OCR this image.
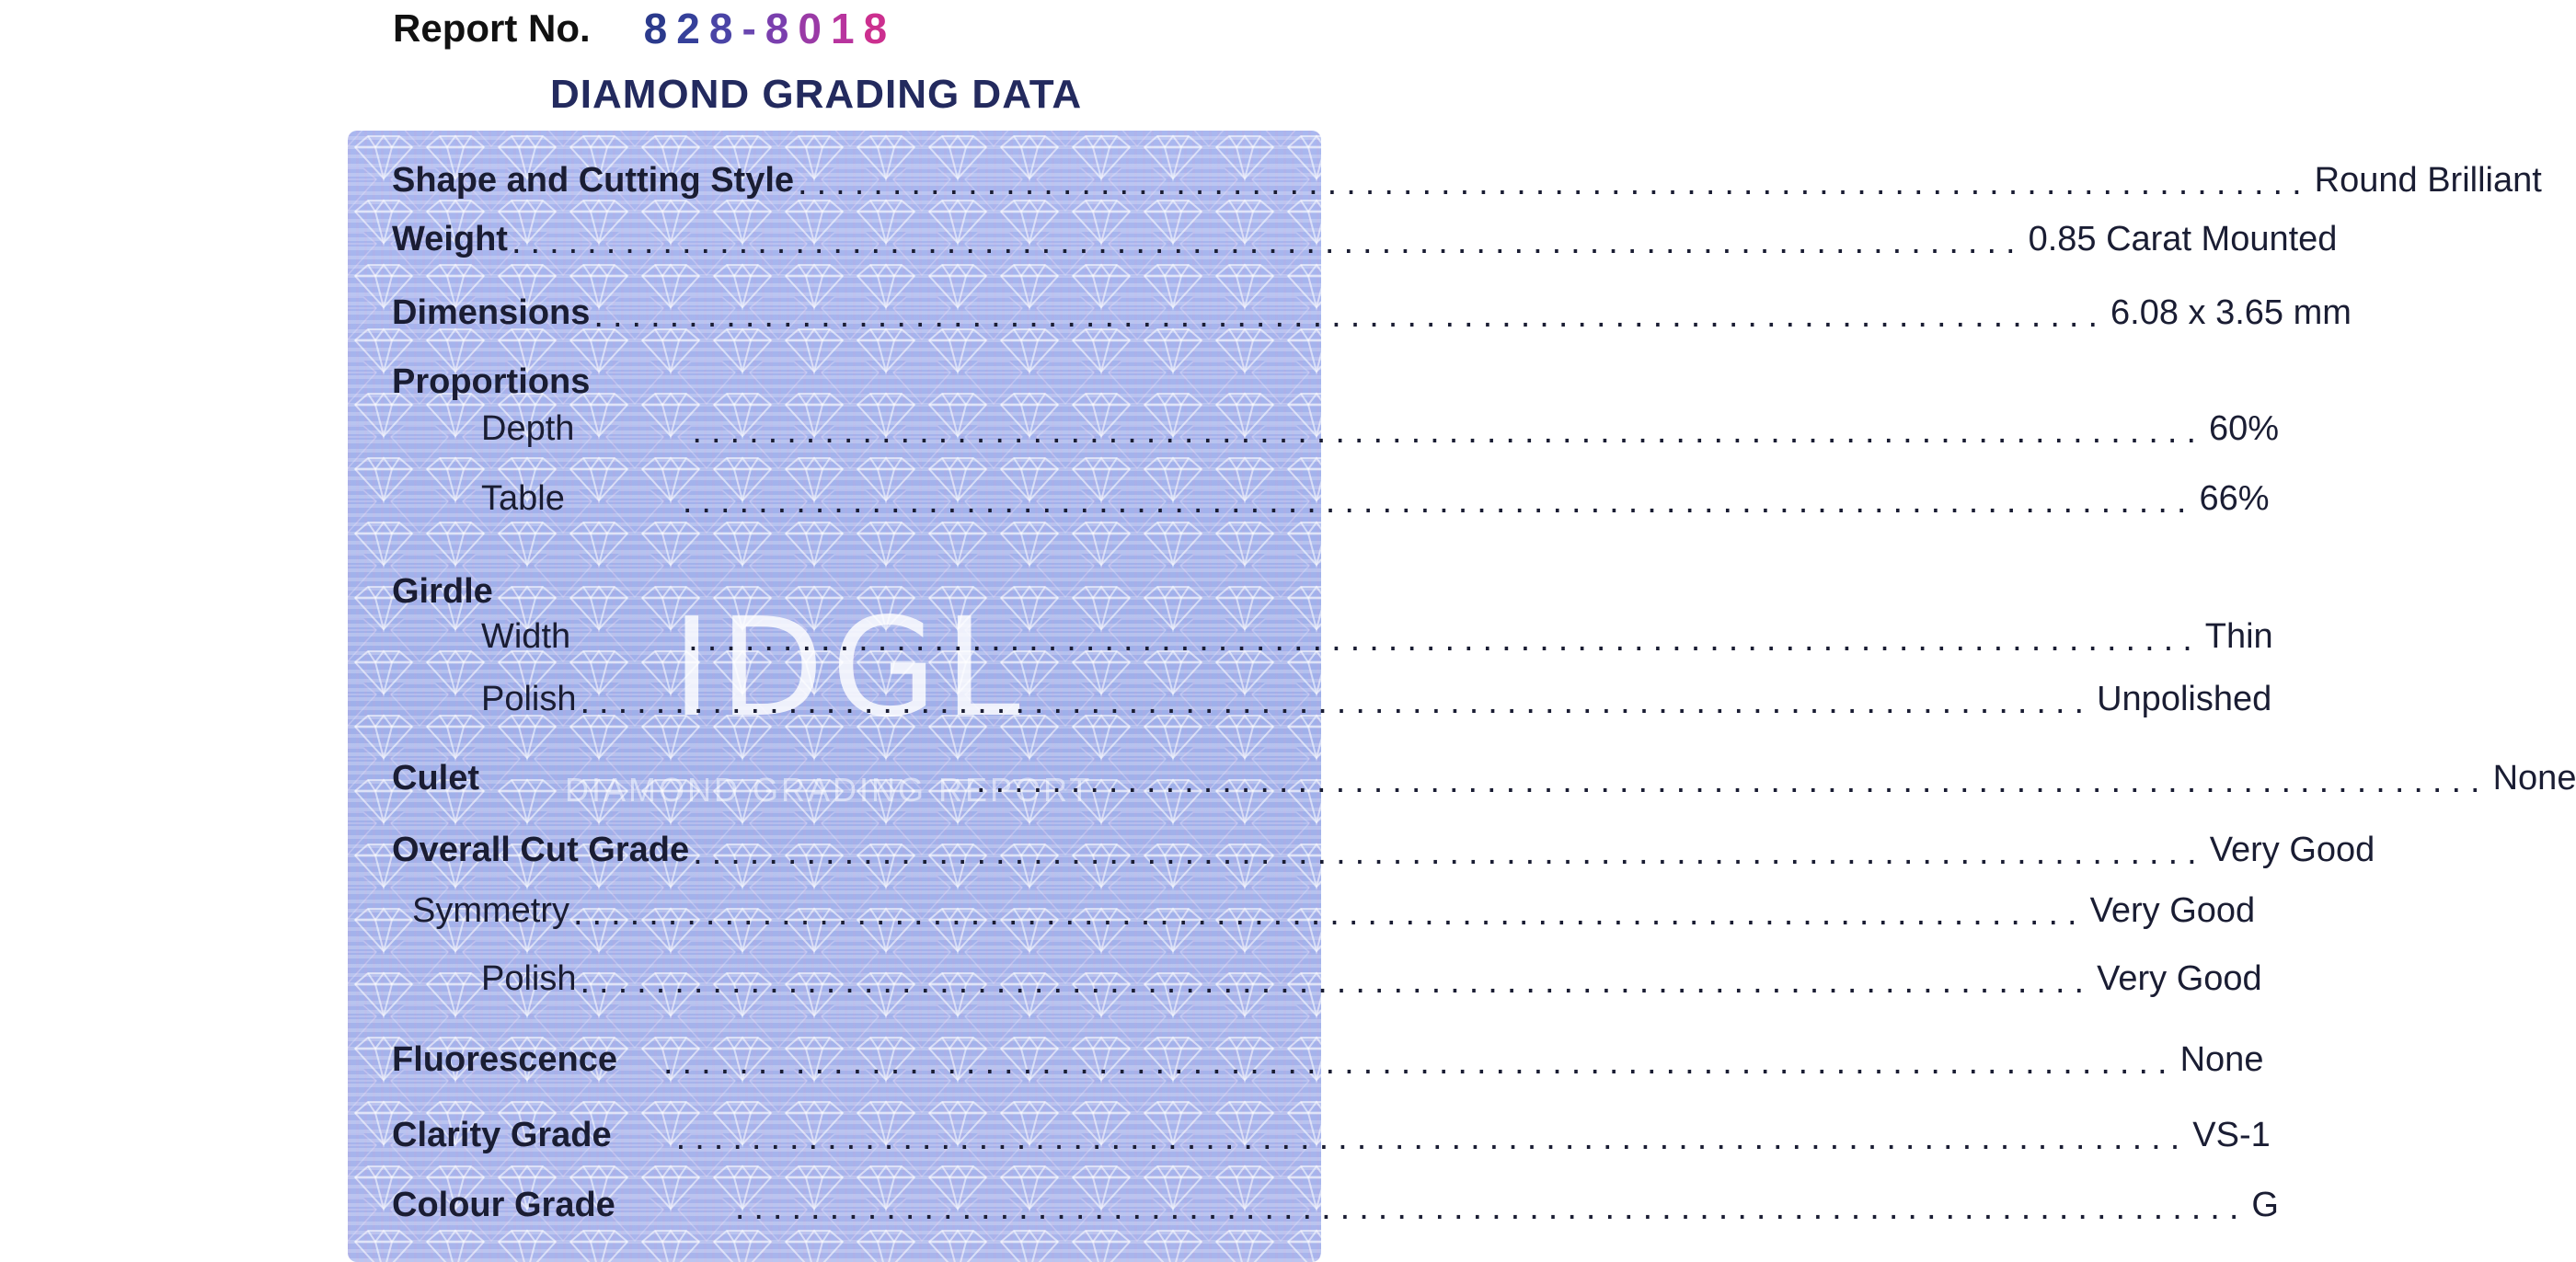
Report No. 8 2 8 - 8 0 1 8
DIAMOND GRADING DATA
IDGL
DIAMOND GRADING REPORT
Shape and Cutting Style ................................................................................ Round Brilliant
Weight ................................................................................ 0.85 Carat Mounted
Dimensions ................................................................................ 6.08 x 3.65 mm
Proportions
Depth	................................................................................ 60%
Table	................................................................................ 66%
Girdle
Width	................................................................................ Thin
Polish ................................................................................ Unpolished
Culet	................................................................................ None
Overall Cut Grade ................................................................................ Very Good
Symmetry ................................................................................ Very Good
Polish ................................................................................ Very Good
Fluorescence	................................................................................ None
Clarity Grade	................................................................................ VS-1
Colour Grade	................................................................................ G
